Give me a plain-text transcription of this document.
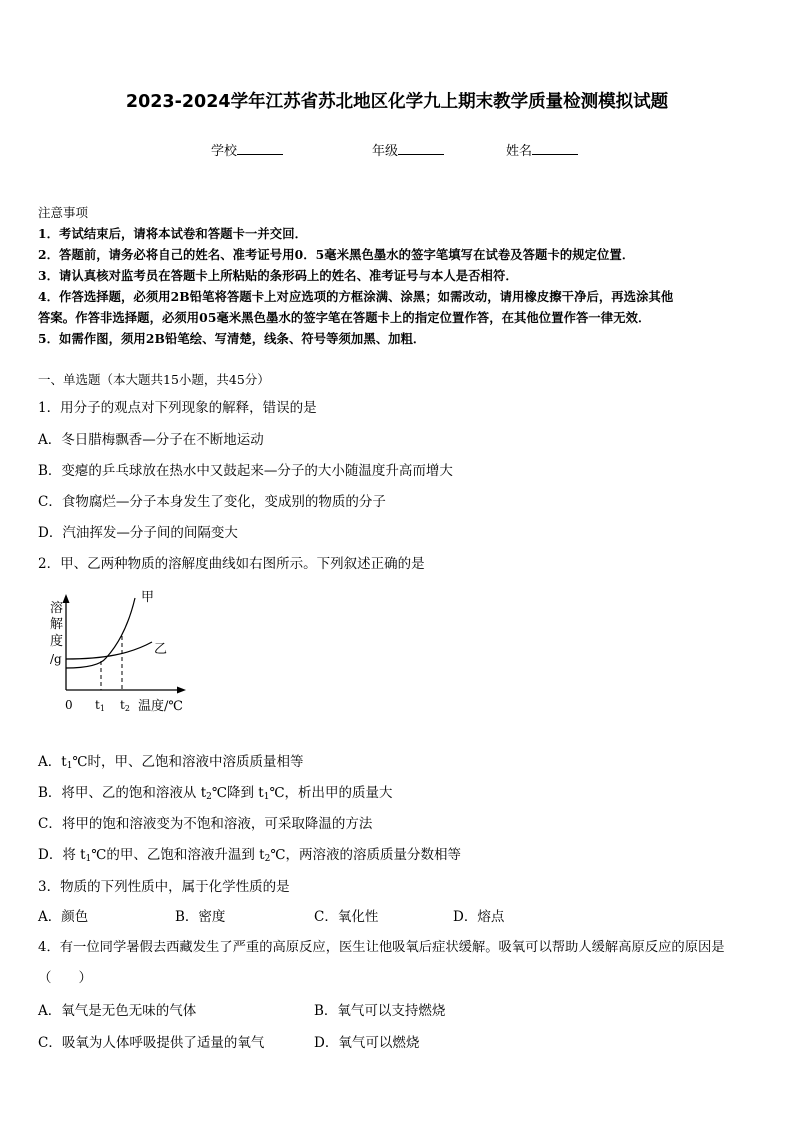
2023-2024学年江苏省苏北地区化学九上期末教学质量检测模拟试题
学校	年级	姓名
注意事项
1．考试结束后，请将本试卷和答题卡一并交回．
2．答题前，请务必将自己的姓名、准考证号用0．5毫米黑色墨水的签字笔填写在试卷及答题卡的规定位置．
3．请认真核对监考员在答题卡上所粘贴的条形码上的姓名、准考证号与本人是否相符．
4．作答选择题，必须用2B铅笔将答题卡上对应选项的方框涂满、涂黑；如需改动，请用橡皮擦干净后，再选涂其他
答案。作答非选择题，必须用05毫米黑色墨水的签字笔在答题卡上的指定位置作答，在其他位置作答一律无效．
5．如需作图，须用2B铅笔绘、写清楚，线条、符号等须加黑、加粗．
一、单选题（本大题共15小题，共45分）
1．用分子的观点对下列现象的解释，错误的是
A．冬日腊梅飘香—分子在不断地运动
B．变瘪的乒乓球放在热水中又鼓起来—分子的大小随温度升高而增大
C．食物腐烂—分子本身发生了变化，变成别的物质的分子
D．汽油挥发—分子间的间隔变大
2．甲、乙两种物质的溶解度曲线如右图所示。下列叙述正确的是
溶
解
度
/g
甲
乙
0 t1 t2 温度/℃
A．$t_1℃$时，甲、乙饱和溶液中溶质质量相等
B．将甲、乙的饱和溶液从 $t_2℃$降到 $t_1℃$，析出甲的质量大
C．将甲的饱和溶液变为不饱和溶液，可采取降温的方法
D．将 $t_1℃$的甲、乙饱和溶液升温到 $t_2℃$，两溶液的溶质质量分数相等
3．物质的下列性质中，属于化学性质的是
A．颜色	B．密度	C．氧化性	D．熔点
4．有一位同学暑假去西藏发生了严重的高原反应，医生让他吸氧后症状缓解。吸氧可以帮助人缓解高原反应的原因是
（　　）
A．氧气是无色无味的气体	B．氧气可以支持燃烧
C．吸氧为人体呼吸提供了适量的氧气	D．氧气可以燃烧
